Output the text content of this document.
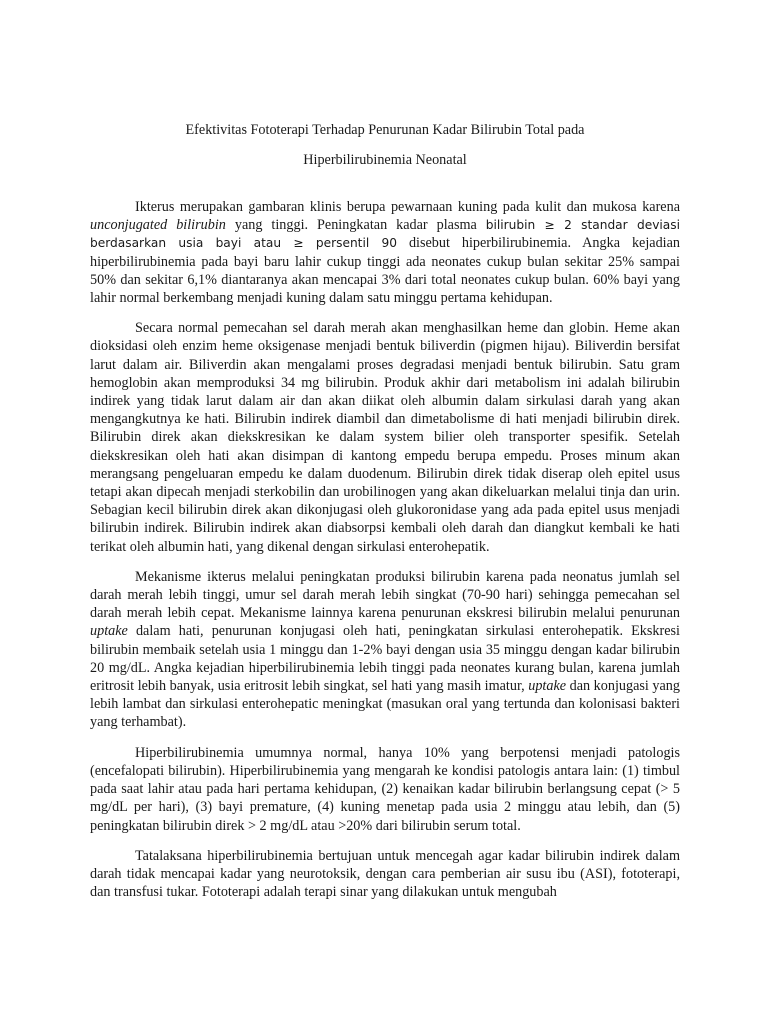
Efektivitas Fototerapi Terhadap Penurunan Kadar Bilirubin Total pada

Hiperbilirubinemia Neonatal

Ikterus merupakan gambaran klinis berupa pewarnaan kuning pada kulit dan mukosa karena unconjugated bilirubin yang tinggi. Peningkatan kadar plasma bilirubin ≥ 2 standar deviasi berdasarkan usia bayi atau ≥ persentil 90 disebut hiperbilirubinemia. Angka kejadian hiperbilirubinemia pada bayi baru lahir cukup tinggi ada neonates cukup bulan sekitar 25% sampai 50% dan sekitar 6,1% diantaranya akan mencapai 3% dari total neonates cukup bulan. 60% bayi yang lahir normal berkembang menjadi kuning dalam satu minggu pertama kehidupan.

Secara normal pemecahan sel darah merah akan menghasilkan heme dan globin. Heme akan dioksidasi oleh enzim heme oksigenase menjadi bentuk biliverdin (pigmen hijau). Biliverdin bersifat larut dalam air. Biliverdin akan mengalami proses degradasi menjadi bentuk bilirubin. Satu gram hemoglobin akan memproduksi 34 mg bilirubin. Produk akhir dari metabolism ini adalah bilirubin indirek yang tidak larut dalam air dan akan diikat oleh albumin dalam sirkulasi darah yang akan mengangkutnya ke hati. Bilirubin indirek diambil dan dimetabolisme di hati menjadi bilirubin direk. Bilirubin direk akan diekskresikan ke dalam system bilier oleh transporter spesifik. Setelah diekskresikan oleh hati akan disimpan di kantong empedu berupa empedu. Proses minum akan merangsang pengeluaran empedu ke dalam duodenum. Bilirubin direk tidak diserap oleh epitel usus tetapi akan dipecah menjadi sterkobilin dan urobilinogen yang akan dikeluarkan melalui tinja dan urin. Sebagian kecil bilirubin direk akan dikonjugasi oleh glukoronidase yang ada pada epitel usus menjadi bilirubin indirek. Bilirubin indirek akan diabsorpsi kembali oleh darah dan diangkut kembali ke hati terikat oleh albumin hati, yang dikenal dengan sirkulasi enterohepatik.

Mekanisme ikterus melalui peningkatan produksi bilirubin karena pada neonatus jumlah sel darah merah lebih tinggi, umur sel darah merah lebih singkat (70-90 hari) sehingga pemecahan sel darah merah lebih cepat. Mekanisme lainnya karena penurunan ekskresi bilirubin melalui penurunan uptake dalam hati, penurunan konjugasi oleh hati, peningkatan sirkulasi enterohepatik. Ekskresi bilirubin membaik setelah usia 1 minggu dan 1-2% bayi dengan usia 35 minggu dengan kadar bilirubin 20 mg/dL. Angka kejadian hiperbilirubinemia lebih tinggi pada neonates kurang bulan, karena jumlah eritrosit lebih banyak, usia eritrosit lebih singkat, sel hati yang masih imatur, uptake dan konjugasi yang lebih lambat dan sirkulasi enterohepatic meningkat (masukan oral yang tertunda dan kolonisasi bakteri yang terhambat).

Hiperbilirubinemia umumnya normal, hanya 10% yang berpotensi menjadi patologis (encefalopati bilirubin). Hiperbilirubinemia yang mengarah ke kondisi patologis antara lain: (1) timbul pada saat lahir atau pada hari pertama kehidupan, (2) kenaikan kadar bilirubin berlangsung cepat (> 5 mg/dL per hari), (3) bayi premature, (4) kuning menetap pada usia 2 minggu atau lebih, dan (5) peningkatan bilirubin direk > 2 mg/dL atau >20% dari bilirubin serum total.

Tatalaksana hiperbilirubinemia bertujuan untuk mencegah agar kadar bilirubin indirek dalam darah tidak mencapai kadar yang neurotoksik, dengan cara pemberian air susu ibu (ASI), fototerapi, dan transfusi tukar. Fototerapi adalah terapi sinar yang dilakukan untuk mengubah
